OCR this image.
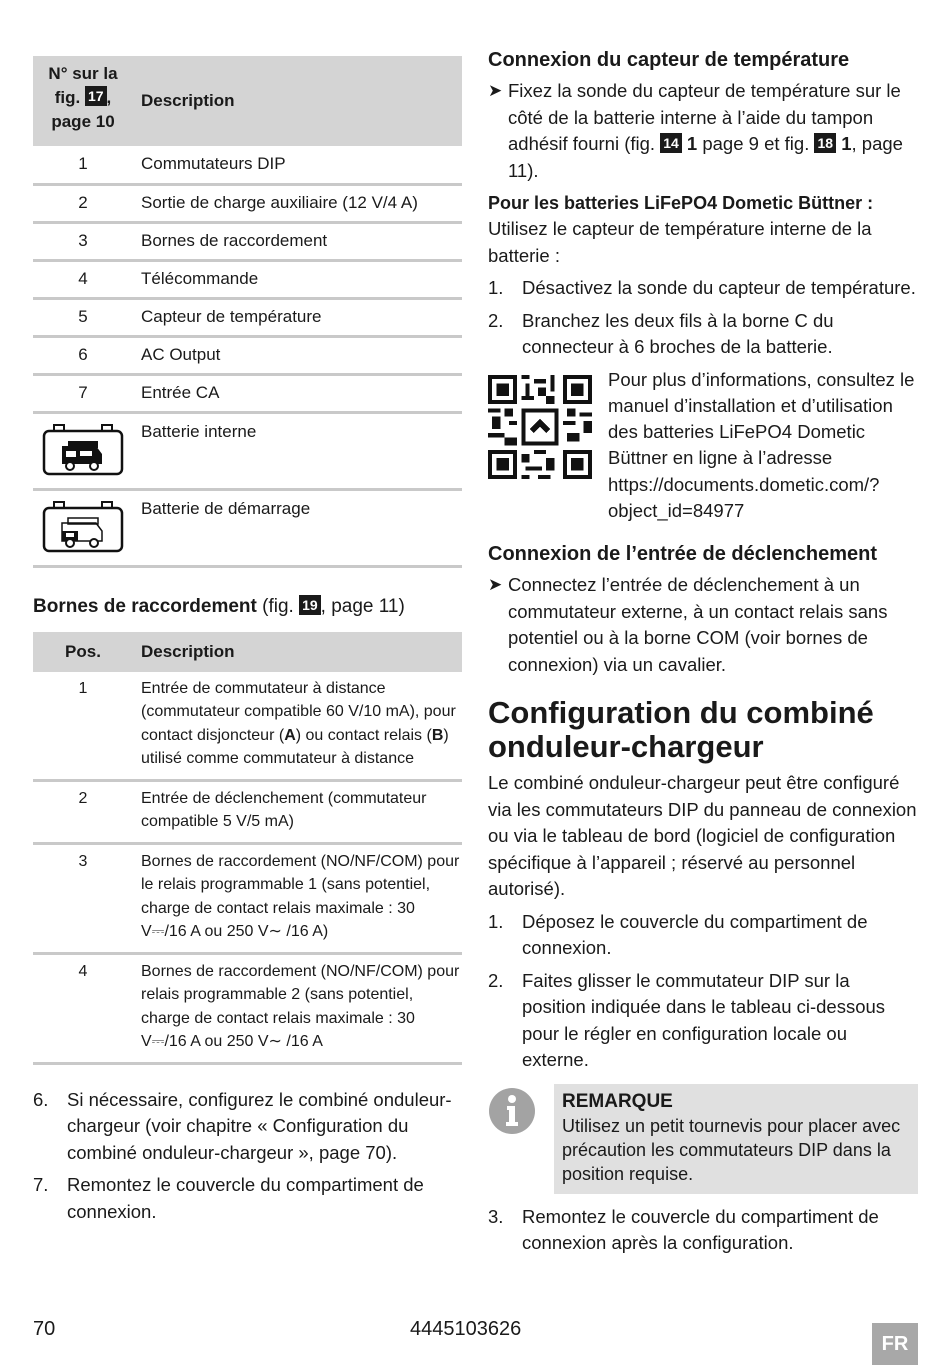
N° sur la
fig. 17 ,
page 10	Description
1	Commutateurs DIP
2	Sortie de charge auxiliaire (12 V/4 A)
3	Bornes de raccordement
4	Télécommande
5	Capteur de température
6	AC Output
7	Entrée CA

	Batterie interne

	Batterie de démarrage
Bornes de raccordement (fig. 19 , page 11)
Pos.	Description
1	Entrée de commutateur à distance (commutateur compatible 60 V/10 mA), pour contact disjoncteur (A) ou contact relais (B) utilisé comme commutateur à distance
2	Entrée de déclenchement (commutateur compatible 5 V/5 mA)
3	Bornes de raccordement (NO/NF/COM) pour le relais programmable 1 (sans potentiel, charge de contact relais maximale : 30 V⎓/16 A ou 250 V∼ /16 A)
4	Bornes de raccordement (NO/NF/COM) pour relais programmable 2 (sans potentiel, charge de contact relais maximale : 30 V⎓/16 A ou 250 V∼ /16 A
6.	Si nécessaire, configurez le combiné onduleur-chargeur (voir chapitre « Configuration du combiné onduleur-chargeur », page 70).
7.	Remontez le couvercle du compartiment de connexion.
Connexion du capteur de température
➤ Fixez la sonde du capteur de température sur le côté de la batterie interne à l’aide du tampon adhésif fourni (fig. 14 1 page 9 et fig. 18 1, page 11).
Pour les batteries LiFePO4 Dometic Büttner :
Utilisez le capteur de température interne de la batterie :
1.	Désactivez la sonde du capteur de température.
2.	Branchez les deux fils à la borne C du connecteur à 6 broches de la batterie.
Pour plus d’informations, consultez le manuel d’installation et d’utilisation des batteries LiFePO4 Dometic Büttner en ligne à l’adresse https://documents.dometic.com/?object_id=84977
Connexion de l’entrée de déclenchement
➤ Connectez l’entrée de déclenchement à un commutateur externe, à un contact relais sans potentiel ou à la borne COM (voir bornes de connexion) via un cavalier.
Configuration du combiné onduleur-chargeur
Le combiné onduleur-chargeur peut être configuré via les commutateurs DIP du panneau de connexion ou via le tableau de bord (logiciel de configuration spécifique à l’appareil ; réservé au personnel autorisé).
1.	Déposez le couvercle du compartiment de connexion.
2.	Faites glisser le commutateur DIP sur la position indiquée dans le tableau ci-dessous pour le régler en configuration locale ou externe.
REMARQUE
Utilisez un petit tournevis pour placer avec précaution les commutateurs DIP dans la position requise.
3.	Remontez le couvercle du compartiment de connexion après la configuration.
70	4445103626
FR
